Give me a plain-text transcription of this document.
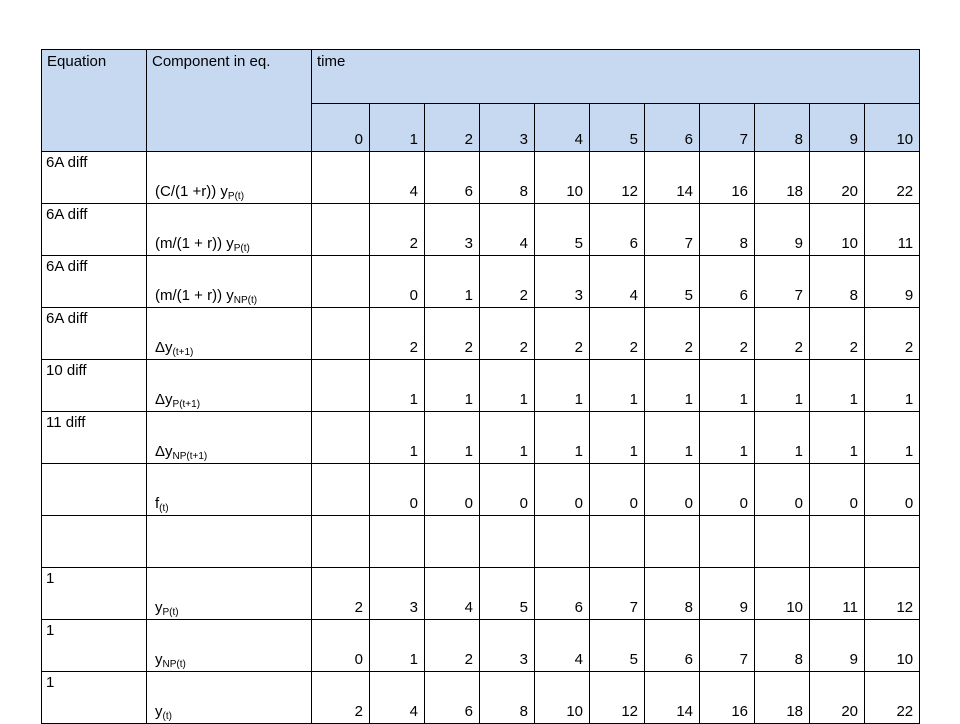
Equation	Component in eq.	time										
		0	1	2	3	4	5	6	7	8	9	10
6A diff	(C/(1 +r)) $y_{P(t)}$		4	6	8	10	12	14	16	18	20	22
6A diff	(m/(1 + r)) $y_{P(t)}$		2	3	4	5	6	7	8	9	10	11
6A diff	(m/(1 + r)) $y_{NP(t)}$		0	1	2	3	4	5	6	7	8	9
6A diff	$\Delta y_{(t+1)}$		2	2	2	2	2	2	2	2	2	2
10 diff	$\Delta y_{P(t+1)}$		1	1	1	1	1	1	1	1	1	1
11 diff	$\Delta y_{NP(t+1)}$		1	1	1	1	1	1	1	1	1	1
	$f_{(t)}$		0	0	0	0	0	0	0	0	0	0

1	$y_{P(t)}$	2	3	4	5	6	7	8	9	10	11	12
1	$y_{NP(t)}$	0	1	2	3	4	5	6	7	8	9	10
1	$y_{(t)}$	2	4	6	8	10	12	14	16	18	20	22
